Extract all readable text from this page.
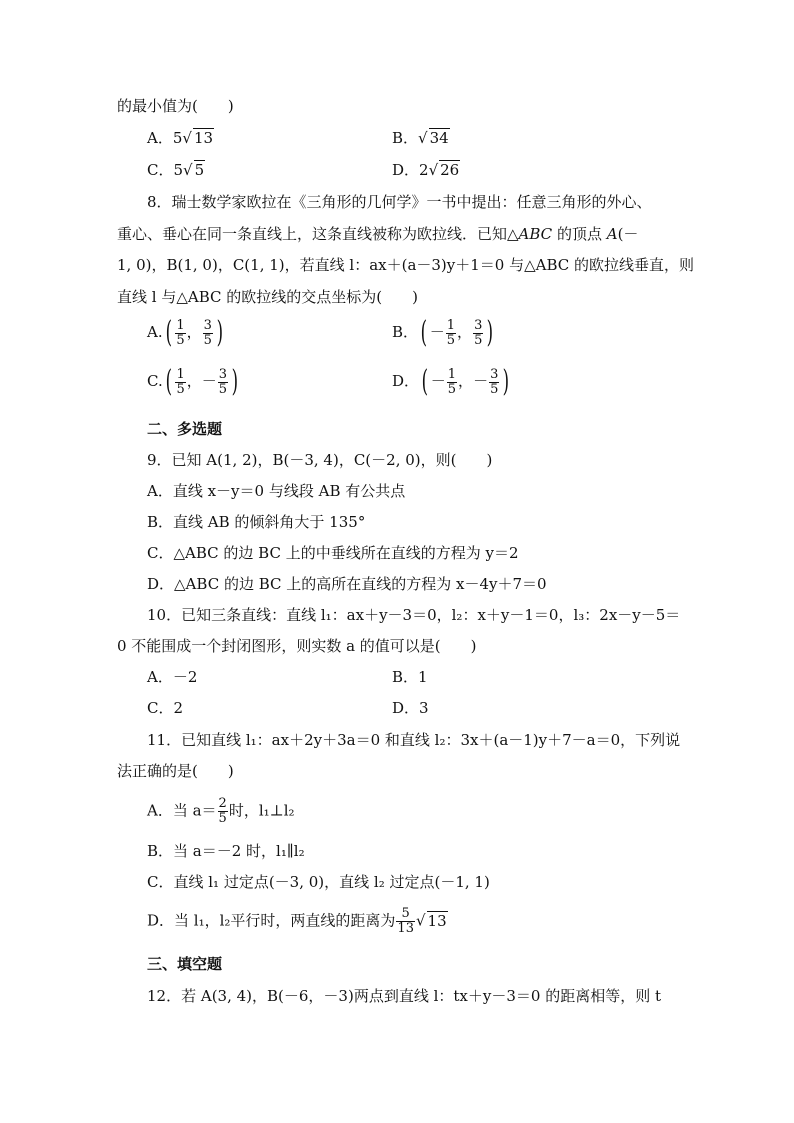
的最小值为(　　)
A．5√ 13	B．√ 34
C．5√ 5	D．2√ 26
8．瑞士数学家欧拉在《三角形的几何学》一书中提出：任意三角形的外心、
重心、垂心在同一条直线上，这条直线被称为欧拉线．已知△ABC 的顶点 A(－
1, 0)，B(1, 0)，C(1, 1)，若直线 l：ax＋(a－3)y＋1＝0 与△ABC 的欧拉线垂直，则
直线 l 与△ABC 的欧拉线的交点坐标为(　　)
$A.( \frac{1}{5}$ ， $\frac{3}{5}$ )	B．( － $\frac{1}{5}$ ， $\frac{3}{5}$ )
$C.( \frac{1}{5}$ ，－ $\frac{3}{5}$ )	D．( － $\frac{1}{5}$ ，－ $\frac{3}{5}$ )
二、多选题
9．已知 A(1, 2)，B(－3, 4)，C(－2, 0)，则(　　)
A．直线 x－y＝0 与线段 AB 有公共点
B．直线 AB 的倾斜角大于 135°
C．△ABC 的边 BC 上的中垂线所在直线的方程为 y＝2
D．△ABC 的边 BC 上的高所在直线的方程为 x－4y＋7＝0
10．已知三条直线：直线 l₁：ax＋y－3＝0，l₂：x＋y－1＝0，l₃：2x－y－5＝
0 不能围成一个封闭图形，则实数 a 的值可以是(　　)
A．－2	B．1
C．2	D．3
11．已知直线 l₁：ax＋2y＋3a＝0 和直线 l₂：3x＋(a－1)y＋7－a＝0，下列说
法正确的是(　　)
A．当 $a= \frac{2}{5}$ 时，l₁⊥l₂
B．当 a＝－2 时，l₁∥l₂
C．直线 l₁ 过定点(－3, 0)，直线 l₂ 过定点(－1, 1)
D．当 l₁，l₂平行时，两直线的距离为 $\frac{5}{13}$ √ 13
三、填空题
12．若 A(3, 4)，B(－6，－3)两点到直线 l：tx＋y－3＝0 的距离相等，则 t
